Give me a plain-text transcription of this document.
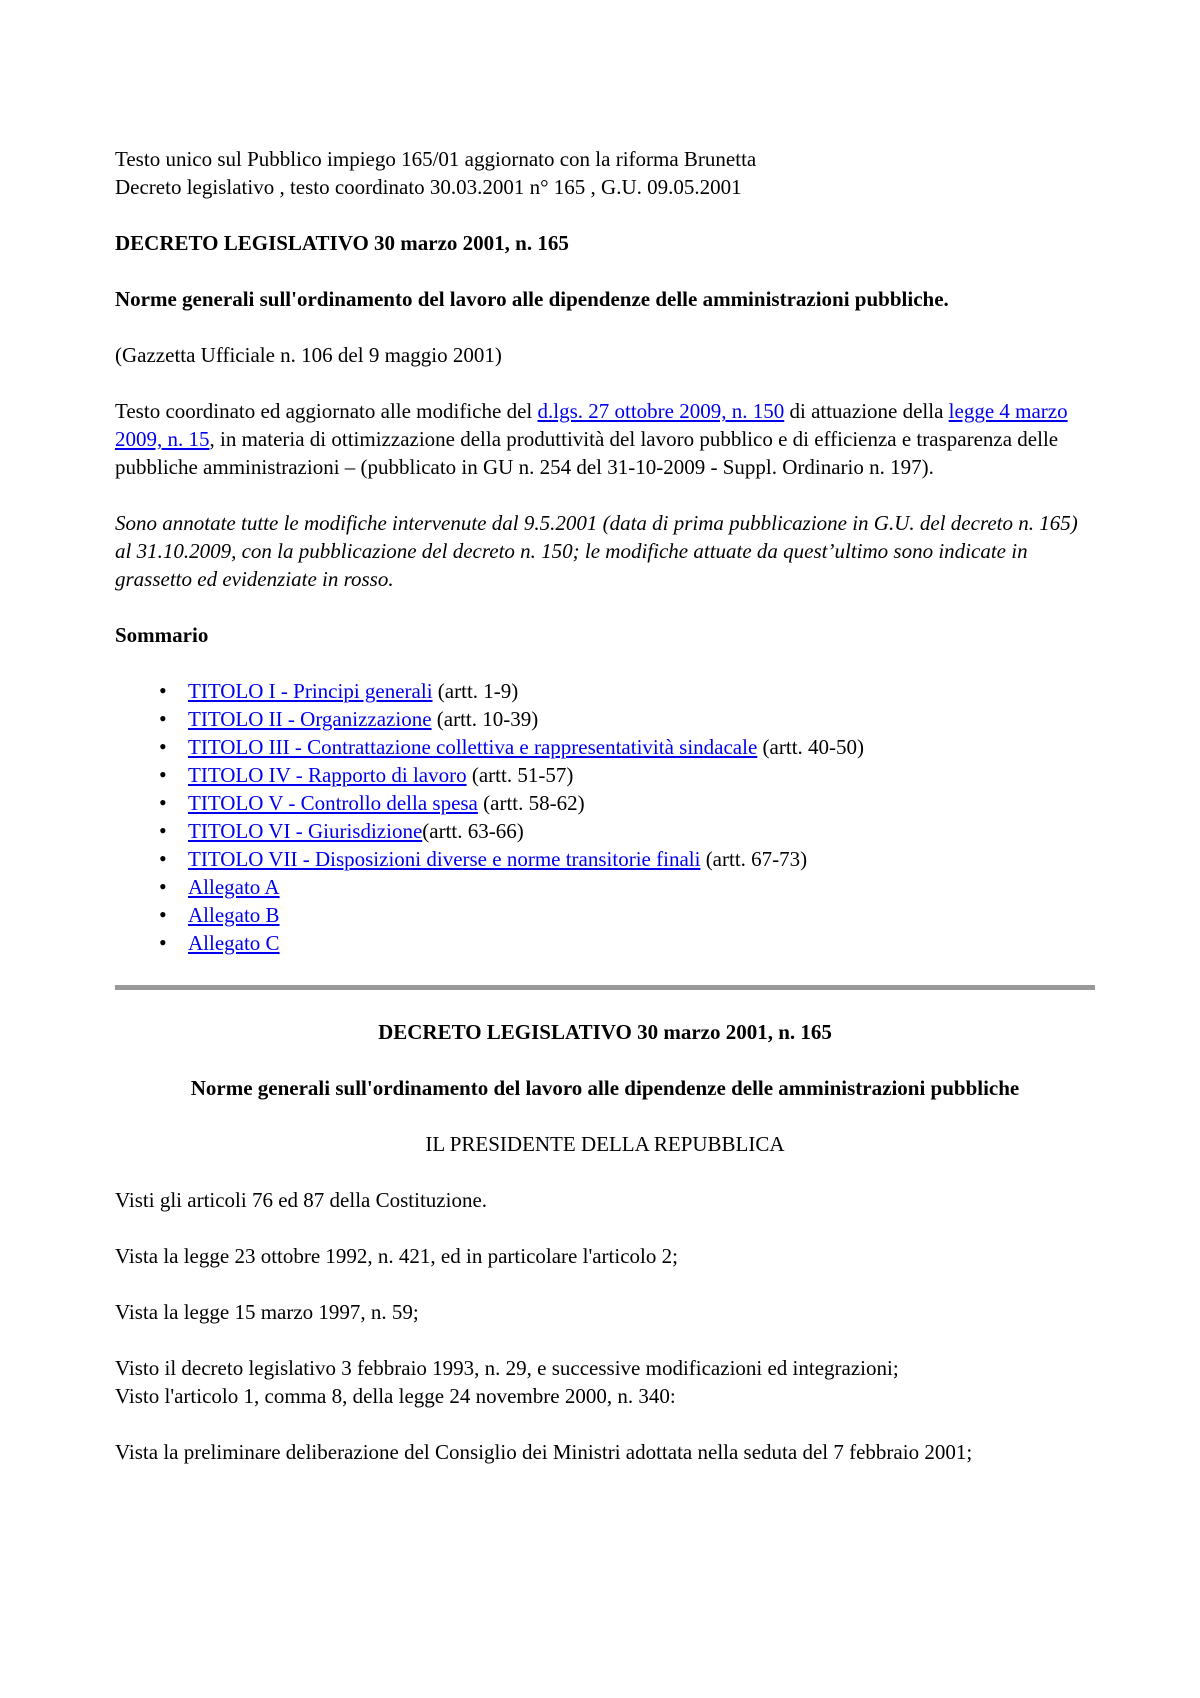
Testo unico sul Pubblico impiego 165/01 aggiornato con la riforma Brunetta

Decreto legislativo , testo coordinato 30.03.2001 n° 165 , G.U. 09.05.2001

DECRETO LEGISLATIVO 30 marzo 2001, n. 165

Norme generali sull'ordinamento del lavoro alle dipendenze delle amministrazioni pubbliche.

(Gazzetta Ufficiale n. 106 del 9 maggio 2001)

Testo coordinato ed aggiornato alle modifiche del d.lgs. 27 ottobre 2009, n. 150 di attuazione della legge 4 marzo 2009, n. 15, in materia di ottimizzazione della produttività del lavoro pubblico e di efficienza e trasparenza delle pubbliche amministrazioni – (pubblicato in GU n. 254 del 31-10-2009 - Suppl. Ordinario n. 197).

Sono annotate tutte le modifiche intervenute dal 9.5.2001 (data di prima pubblicazione in G.U. del decreto n. 165) al 31.10.2009, con la pubblicazione del decreto n. 150; le modifiche attuate da quest’ultimo sono indicate in grassetto ed evidenziate in rosso.

Sommario

• TITOLO I - Principi generali (artt. 1-9)
• TITOLO II - Organizzazione (artt. 10-39)
• TITOLO III - Contrattazione collettiva e rappresentatività sindacale (artt. 40-50)
• TITOLO IV - Rapporto di lavoro (artt. 51-57)
• TITOLO V - Controllo della spesa (artt. 58-62)
• TITOLO VI - Giurisdizione(artt. 63-66)
• TITOLO VII - Disposizioni diverse e norme transitorie finali (artt. 67-73)
• Allegato A
• Allegato B
• Allegato C

DECRETO LEGISLATIVO 30 marzo 2001, n. 165

Norme generali sull'ordinamento del lavoro alle dipendenze delle amministrazioni pubbliche

IL PRESIDENTE DELLA REPUBBLICA

Visti gli articoli 76 ed 87 della Costituzione.

Vista la legge 23 ottobre 1992, n. 421, ed in particolare l'articolo 2;

Vista la legge 15 marzo 1997, n. 59;

Visto il decreto legislativo 3 febbraio 1993, n. 29, e successive modificazioni ed integrazioni;

Visto l'articolo 1, comma 8, della legge 24 novembre 2000, n. 340:

Vista la preliminare deliberazione del Consiglio dei Ministri adottata nella seduta del 7 febbraio 2001;
